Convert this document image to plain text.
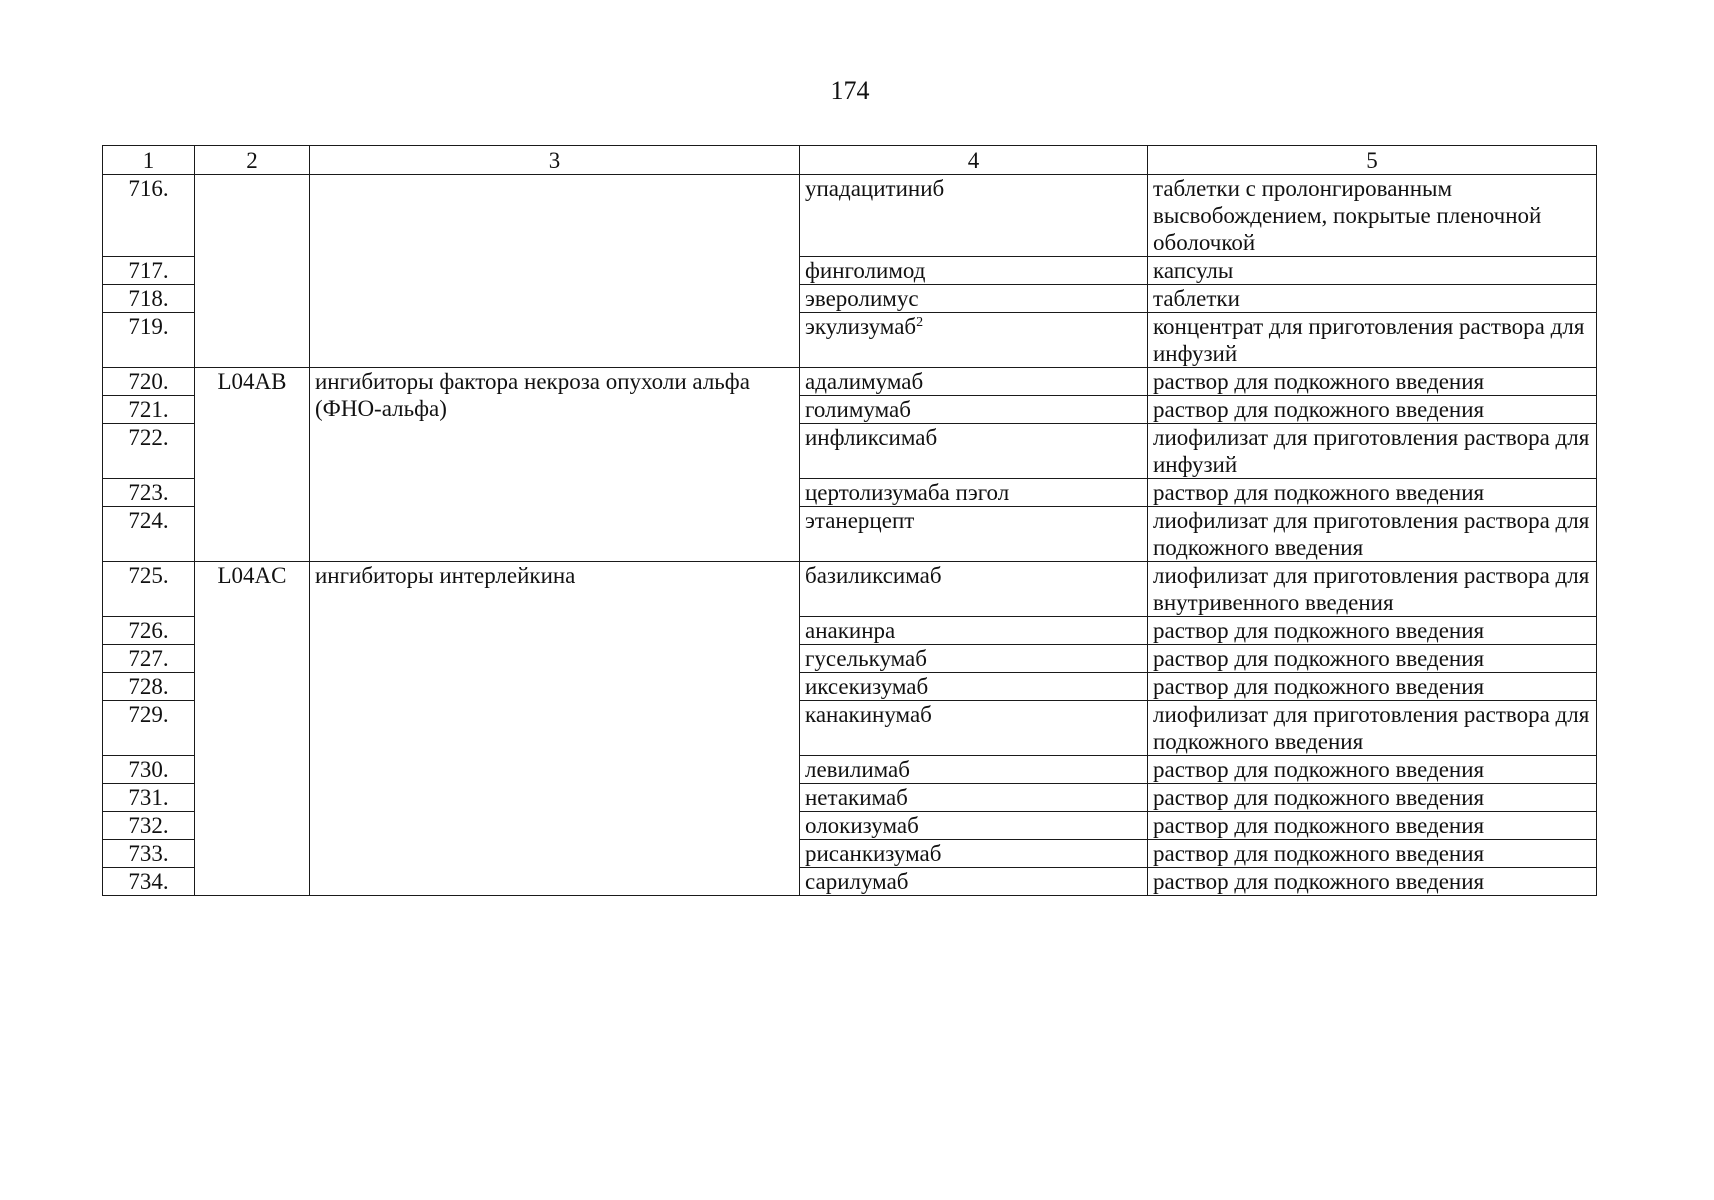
174
1	2	3	4	5
716.			упадацитиниб	таблетки с пролонгированным высвобождением, покрытые пленочной оболочкой
717.			финголимод	капсулы
718.			эверолимус	таблетки
719.			экулизумаб$^2$	концентрат для приготовления раствора для инфузий
720.	L04AB	ингибиторы фактора некроза опухоли альфа (ФНО-альфа)	адалимумаб	раствор для подкожного введения
721.			голимумаб	раствор для подкожного введения
722.			инфликсимаб	лиофилизат для приготовления раствора для инфузий
723.			цертолизумаба пэгол	раствор для подкожного введения
724.			этанерцепт	лиофилизат для приготовления раствора для подкожного введения
725.	L04AC	ингибиторы интерлейкина	базиликсимаб	лиофилизат для приготовления раствора для внутривенного введения
726.			анакинра	раствор для подкожного введения
727.			гуселькумаб	раствор для подкожного введения
728.			иксекизумаб	раствор для подкожного введения
729.			канакинумаб	лиофилизат для приготовления раствора для подкожного введения
730.			левилимаб	раствор для подкожного введения
731.			нетакимаб	раствор для подкожного введения
732.			олокизумаб	раствор для подкожного введения
733.			рисанкизумаб	раствор для подкожного введения
734.			сарилумаб	раствор для подкожного введения
